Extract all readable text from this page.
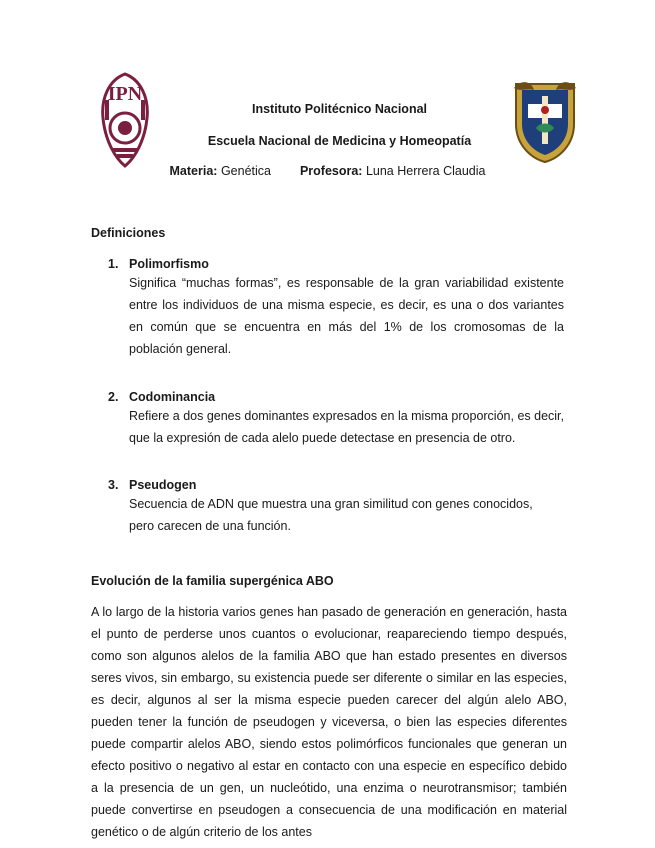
IPN
Instituto Politécnico Nacional
Escuela Nacional de Medicina y Homeopatía
Materia: Genética Profesora: Luna Herrera Claudia
Definiciones
1. Polimorfismo
Significa “muchas formas”, es responsable de la gran variabilidad existente entre los individuos de una misma especie, es decir, es una o dos variantes en común que se encuentra en más del 1% de los cromosomas de la población general.
2. Codominancia
Refiere a dos genes dominantes expresados en la misma proporción, es decir, que la expresión de cada alelo puede detectase en presencia de otro.
3. Pseudogen
Secuencia de ADN que muestra una gran similitud con genes conocidos, pero carecen de una función.
Evolución de la familia supergénica ABO
A lo largo de la historia varios genes han pasado de generación en generación, hasta el punto de perderse unos cuantos o evolucionar, reapareciendo tiempo después, como son algunos alelos de la familia ABO que han estado presentes en diversos seres vivos, sin embargo, su existencia puede ser diferente o similar en las especies, es decir, algunos al ser la misma especie pueden carecer del algún alelo ABO, pueden tener la función de pseudogen y viceversa, o bien las especies diferentes puede compartir alelos ABO, siendo estos polimórficos funcionales que generan un efecto positivo o negativo al estar en contacto con una especie en específico debido a la presencia de un gen, un nucleótido, una enzima o neurotransmisor; también puede convertirse en pseudogen a consecuencia de una modificación en material genético o de algún criterio de los antes
